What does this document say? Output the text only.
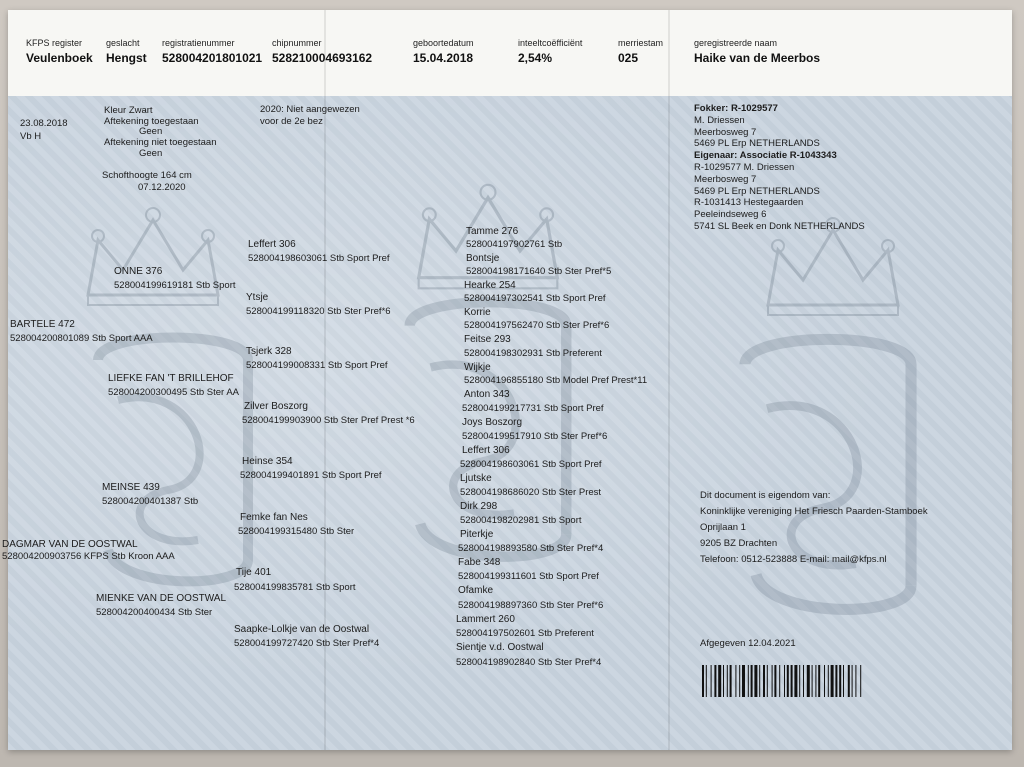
KFPS register
Veulenboek
geslacht
Hengst
registratienummer
528004201801021
chipnummer
528210004693162
geboortedatum
15.04.2018
inteeltcoëfficiënt
2,54%
merriestam
025
geregistreerde naam
Haike van de Meerbos
23.08.2018
Vb H
Kleur Zwart
Aftekening toegestaan
Geen
Aftekening niet toegestaan
Geen
Schofthoogte 164 cm
07.12.2020
2020: Niet aangewezen
voor de 2e bez
BARTELE 472
528004200801089 Stb Sport AAA
DAGMAR VAN DE OOSTWAL
528004200903756 KFPS Stb Kroon AAA
ONNE 376
528004199619181 Stb Sport
LIEFKE FAN 'T BRILLEHOF
528004200300495 Stb Ster AA
MEINSE 439
528004200401387 Stb
MIENKE VAN DE OOSTWAL
528004200400434 Stb Ster
Leffert 306
528004198603061 Stb Sport Pref
Ytsje
528004199118320 Stb Ster Pref*6
Tsjerk 328
528004199008331 Stb Sport Pref
Zilver Boszorg
528004199903900 Stb Ster Pref Prest *6
Heinse 354
528004199401891 Stb Sport Pref
Femke fan Nes
528004199315480 Stb Ster
Tije 401
528004199835781 Stb Sport
Saapke-Lolkje van de Oostwal
528004199727420 Stb Ster Pref*4
Tamme 276
528004197902761 Stb
Bontsje
528004198171640 Stb Ster Pref*5
Hearke 254
528004197302541 Stb Sport Pref
Korrie
528004197562470 Stb Ster Pref*6
Feitse 293
528004198302931 Stb Preferent
Wijkje
528004196855180 Stb Model Pref Prest*11
Anton 343
528004199217731 Stb Sport Pref
Joys Boszorg
528004199517910 Stb Ster Pref*6
Leffert 306
528004198603061 Stb Sport Pref
Ljutske
528004198686020 Stb Ster Prest
Dirk 298
528004198202981 Stb Sport
Piterkje
528004198893580 Stb Ster Pref*4
Fabe 348
528004199311601 Stb Sport Pref
Ofamke
528004198897360 Stb Ster Pref*6
Lammert 260
528004197502601 Stb Preferent
Sientje v.d. Oostwal
528004198902840 Stb Ster Pref*4
Fokker: R-1029577
M. Driessen
Meerbosweg 7
5469 PL Erp NETHERLANDS
Eigenaar: Associatie R-1043343
R-1029577 M. Driessen
Meerbosweg 7
5469 PL Erp NETHERLANDS
R-1031413 Hestegaarden
Peeleindseweg 6
5741 SL Beek en Donk NETHERLANDS
Dit document is eigendom van:
Koninklijke vereniging Het Friesch Paarden-Stamboek
Oprijlaan 1
9205 BZ Drachten
Telefoon: 0512-523888 E-mail: mail@kfps.nl
Afgegeven 12.04.2021
